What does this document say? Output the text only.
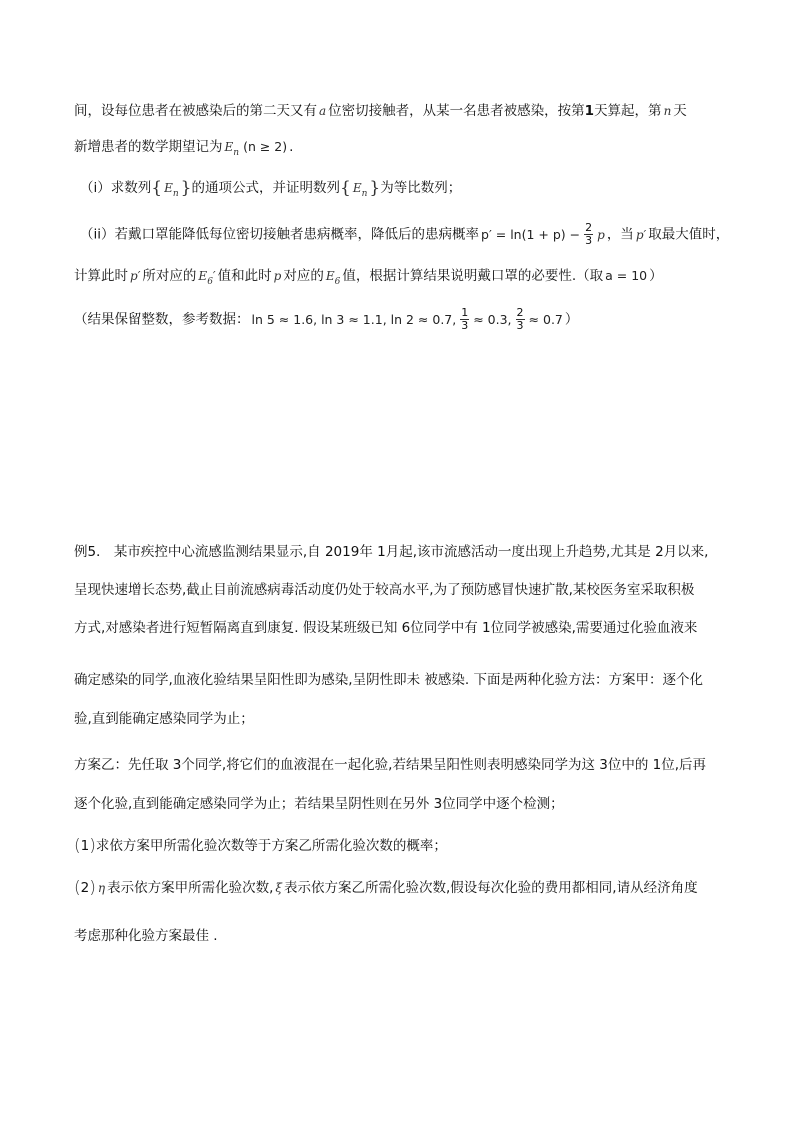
间，设每位患者在被感染后的第二天又有 a 位密切接触者，从某一名患者被感染，按第1天算起，第 n 天
新增患者的数学期望记为 $E_n$ (n ≥ 2) .
（i）求数列{ $E_n$ }的通项公式，并证明数列{ $E_n$ }为等比数列；
（ii）若戴口罩能降低每位密切接触者患病概率，降低后的患病概率 $p' = \ln(1 + p) - \frac{2}{3}$ p ，当 p′ 取最大值时，
计算此时 p′ 所对应的 $E_6'$ 值和此时 p 对应的 $E_6$ 值，根据计算结果说明戴口罩的必要性.（取 a = 10 ）
（结果保留整数，参考数据： ln 5 ≈ 1.6, ln 3 ≈ 1.1, ln 2 ≈ 0.7, $\frac{1}{3} \approx 0.3$, $\frac{2}{3} \approx 0.7$ ）
例5． 某市疾控中心流感监测结果显示,自 2019年 1月起,该市流感活动一度出现上升趋势,尤其是 2月以来,
呈现快速增长态势,截止目前流感病毒活动度仍处于较高水平,为了预防感冒快速扩散,某校医务室采取积极
方式,对感染者进行短暂隔离直到康复. 假设某班级已知 6位同学中有 1位同学被感染,需要通过化验血液来
确定感染的同学,血液化验结果呈阳性即为感染,呈阴性即未 被感染. 下面是两种化验方法：方案甲：逐个化
验,直到能确定感染同学为止；
方案乙：先任取 3个同学,将它们的血液混在一起化验,若结果呈阳性则表明感染同学为这 3位中的 1位,后再
逐个化验,直到能确定感染同学为止；若结果呈阴性则在另外 3位同学中逐个检测；
(1)求依方案甲所需化验次数等于方案乙所需化验次数的概率；
(2) η 表示依方案甲所需化验次数, ξ 表示依方案乙所需化验次数,假设每次化验的费用都相同,请从经济角度
考虑那种化验方案最佳 .
